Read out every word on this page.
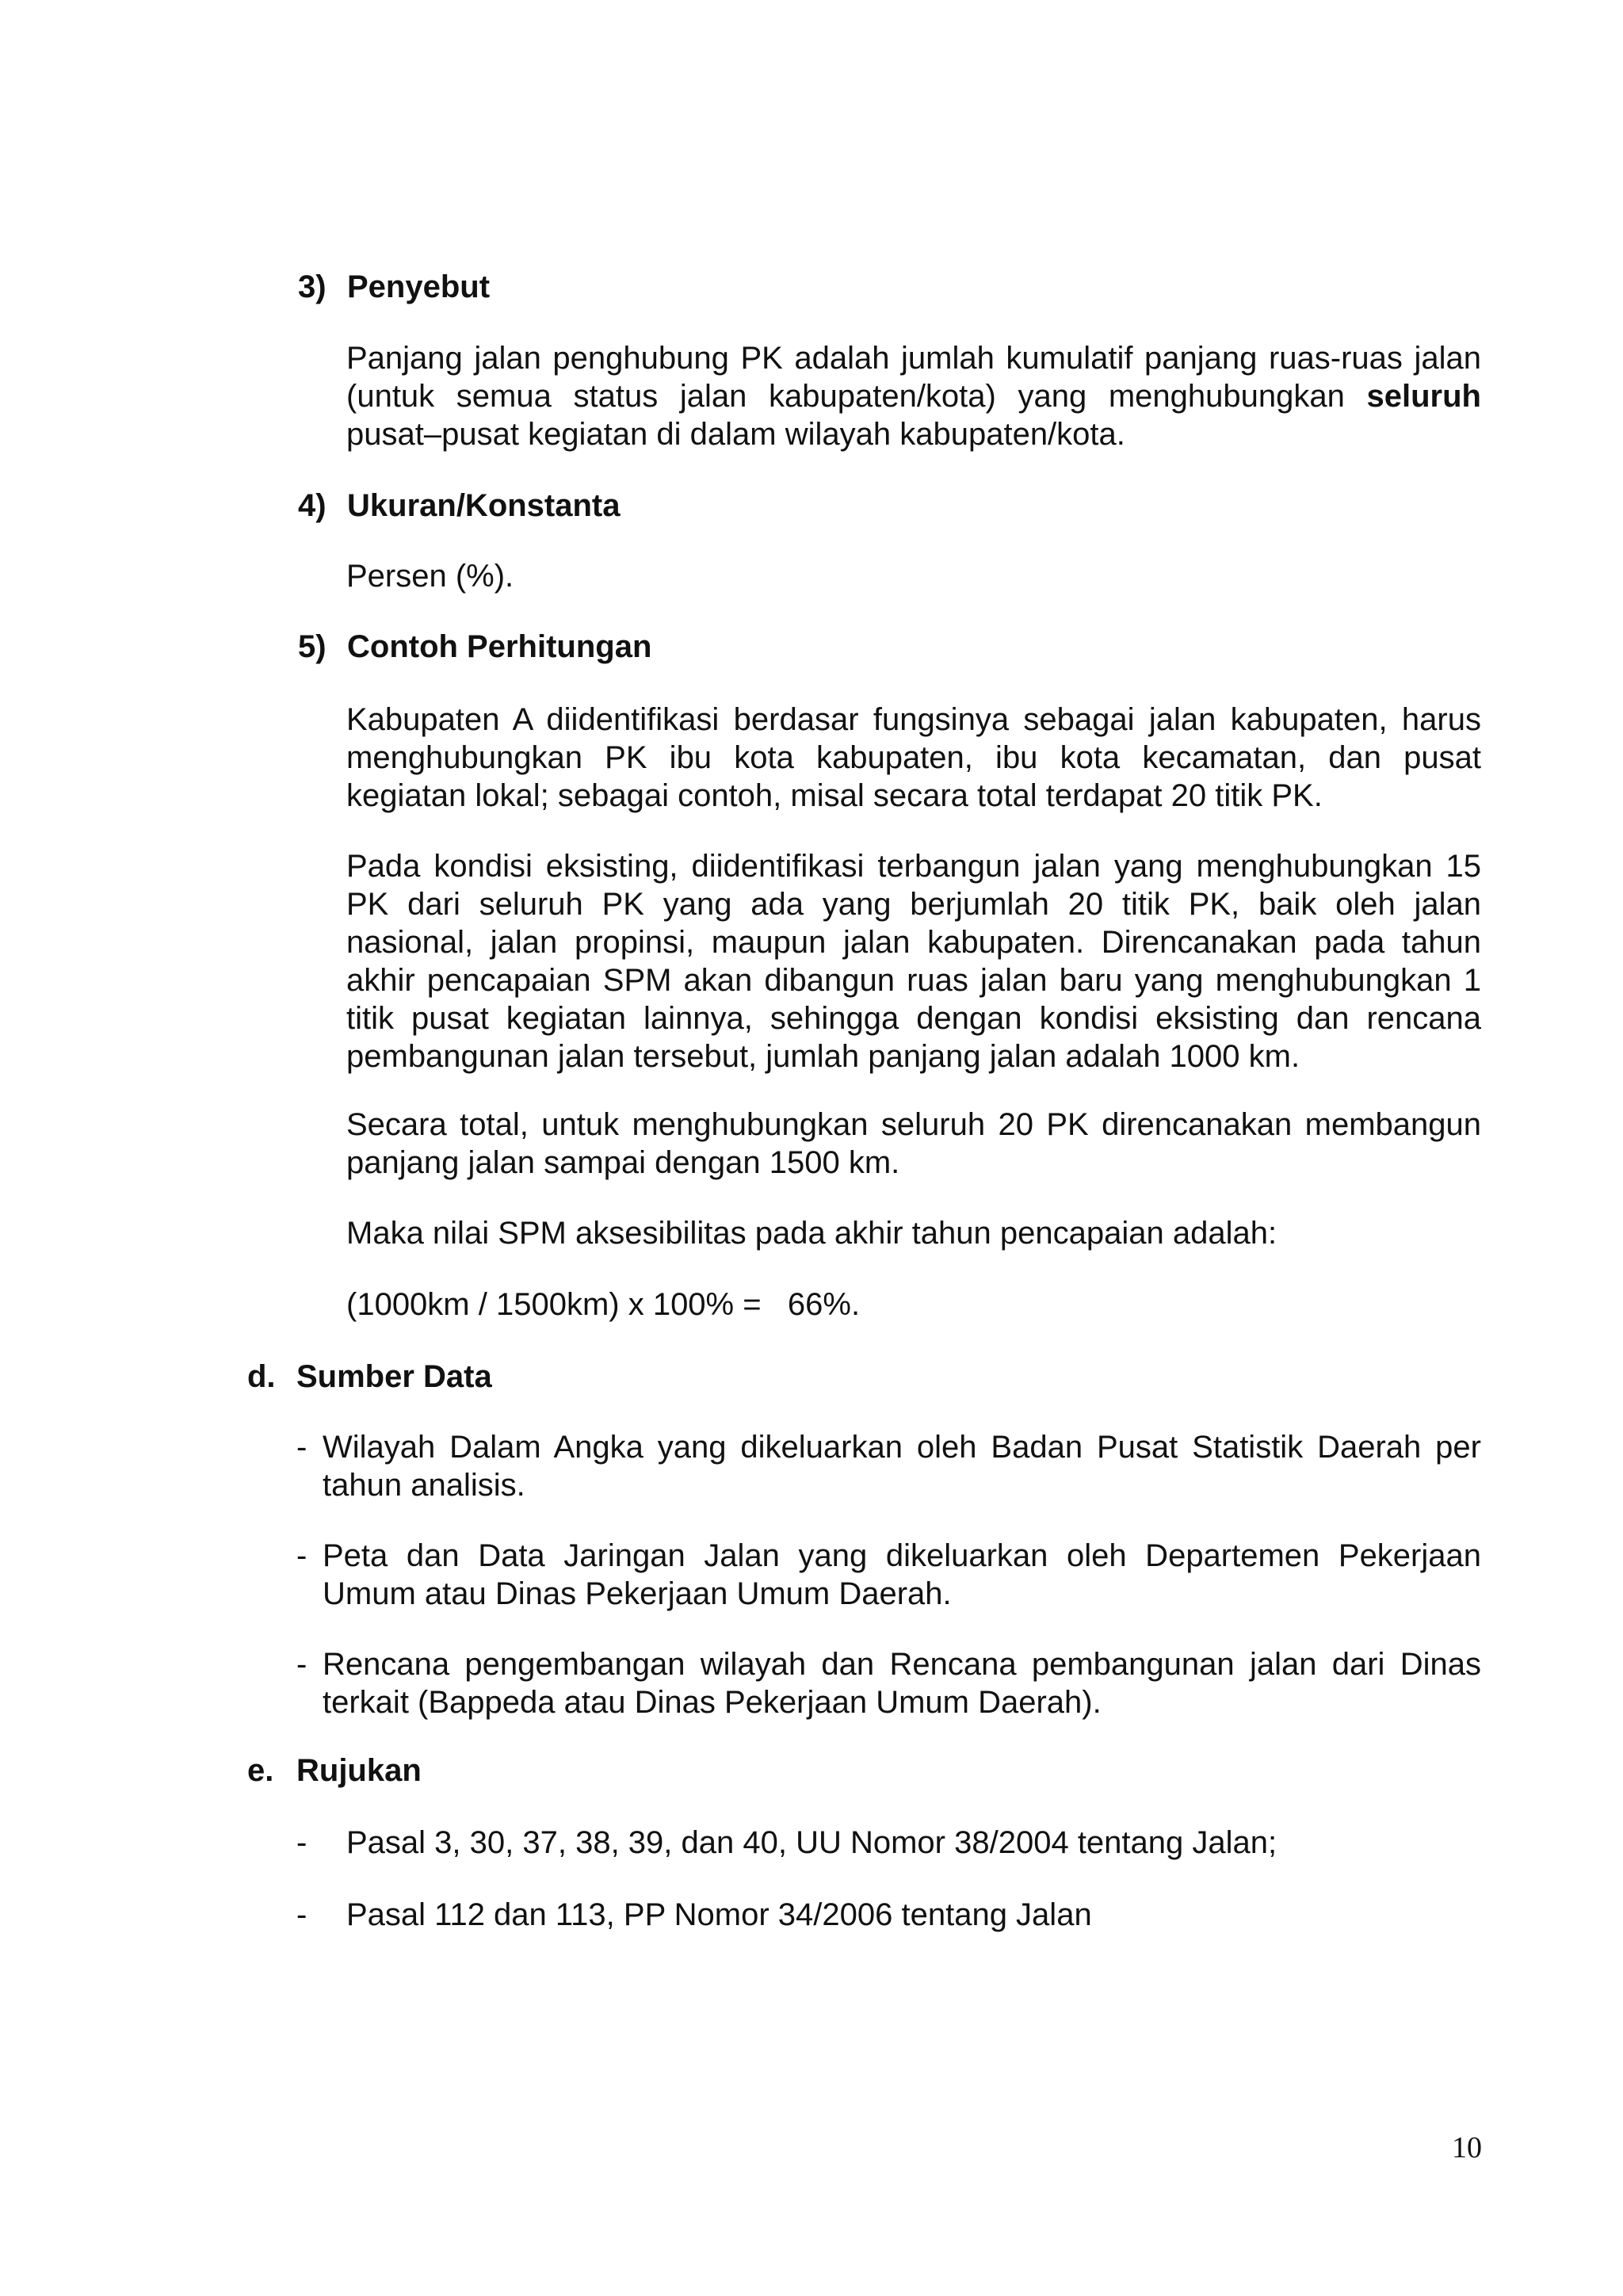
3) Penyebut
Panjang jalan penghubung PK adalah jumlah kumulatif panjang ruas-ruas jalan (untuk semua status jalan kabupaten/kota) yang menghubungkan seluruh pusat–pusat kegiatan di dalam wilayah kabupaten/kota.
4) Ukuran/Konstanta
Persen (%).
5) Contoh Perhitungan
Kabupaten A diidentifikasi berdasar fungsinya sebagai jalan kabupaten, harus menghubungkan PK ibu kota kabupaten, ibu kota kecamatan, dan pusat kegiatan lokal; sebagai contoh, misal secara total terdapat 20 titik PK.
Pada kondisi eksisting, diidentifikasi terbangun jalan yang menghubungkan 15 PK dari seluruh PK yang ada yang berjumlah 20 titik PK, baik oleh jalan nasional, jalan propinsi, maupun jalan kabupaten. Direncanakan pada tahun akhir pencapaian SPM akan dibangun ruas jalan baru yang menghubungkan 1 titik pusat kegiatan lainnya, sehingga dengan kondisi eksisting dan rencana pembangunan jalan tersebut, jumlah panjang jalan adalah 1000 km.
Secara total, untuk menghubungkan seluruh 20 PK direncanakan membangun panjang jalan sampai dengan 1500 km.
Maka nilai SPM aksesibilitas pada akhir tahun pencapaian adalah:
(1000km / 1500km) x 100% =   66%.
d. Sumber Data
- Wilayah Dalam Angka yang dikeluarkan oleh Badan Pusat Statistik Daerah per tahun analisis.
- Peta dan Data Jaringan Jalan yang dikeluarkan oleh Departemen Pekerjaan Umum atau Dinas Pekerjaan Umum Daerah.
- Rencana pengembangan wilayah dan Rencana pembangunan jalan dari Dinas terkait (Bappeda atau Dinas Pekerjaan Umum Daerah).
e. Rujukan
- Pasal 3, 30, 37, 38, 39, dan 40, UU Nomor 38/2004 tentang Jalan;
- Pasal 112 dan 113, PP Nomor 34/2006 tentang Jalan
10
